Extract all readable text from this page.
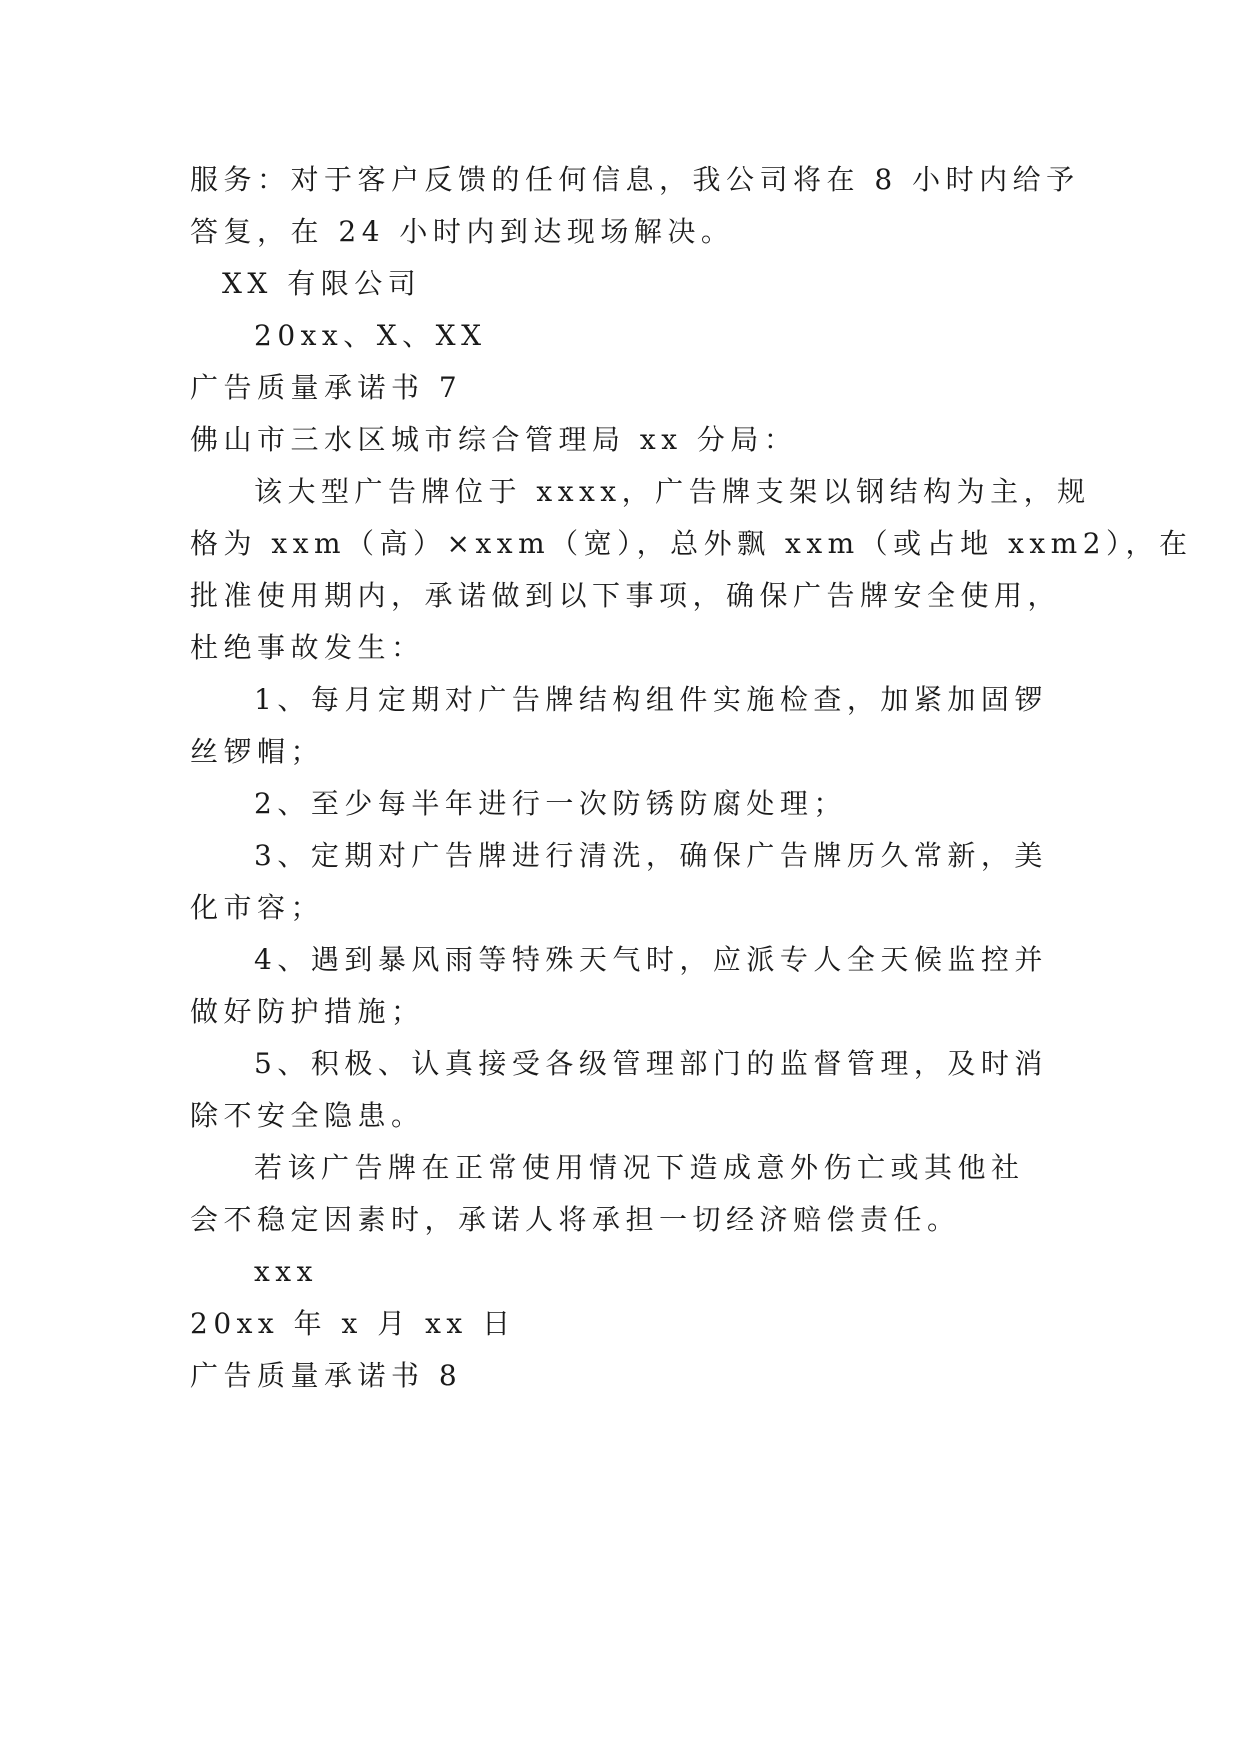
服务：对于客户反馈的任何信息，我公司将在 8 小时内给予
答复，在 24 小时内到达现场解决。
XX 有限公司
20xx、X、XX
广告质量承诺书 7
佛山市三水区城市综合管理局 xx 分局：
该大型广告牌位于 xxxx，广告牌支架以钢结构为主，规
格为 xxm（高）×xxm（宽），总外飘 xxm（或占地 xxm2），在
批准使用期内，承诺做到以下事项，确保广告牌安全使用，
杜绝事故发生：
1、每月定期对广告牌结构组件实施检查，加紧加固锣
丝锣帽；
2、至少每半年进行一次防锈防腐处理；
3、定期对广告牌进行清洗，确保广告牌历久常新，美
化市容；
4、遇到暴风雨等特殊天气时，应派专人全天候监控并
做好防护措施；
5、积极、认真接受各级管理部门的监督管理，及时消
除不安全隐患。
若该广告牌在正常使用情况下造成意外伤亡或其他社
会不稳定因素时，承诺人将承担一切经济赔偿责任。
xxx
20xx 年 x 月 xx 日
广告质量承诺书 8
